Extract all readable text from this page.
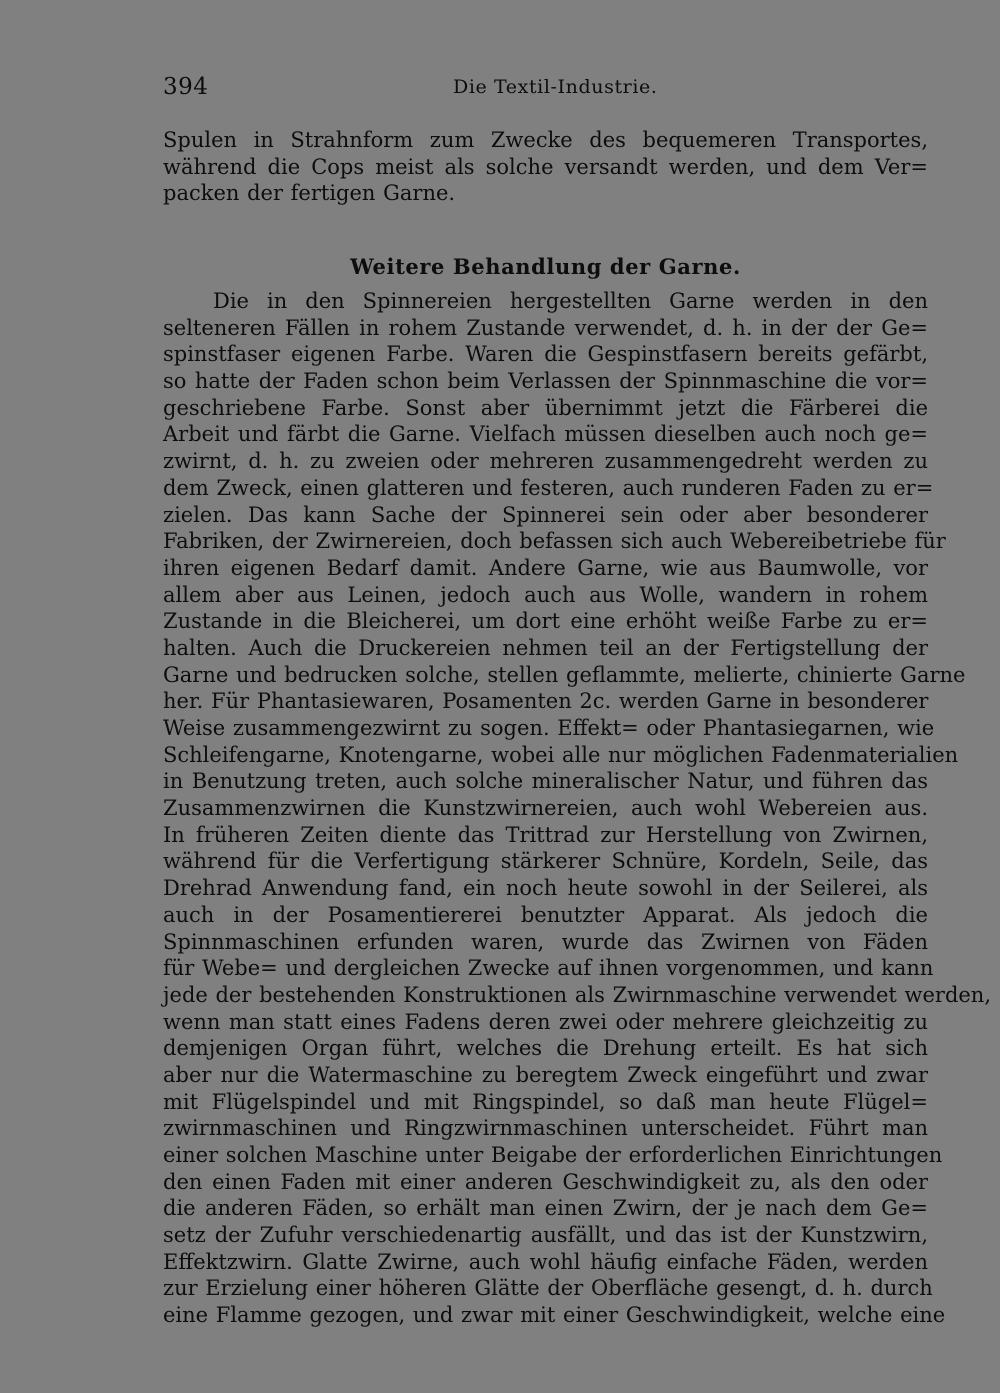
394	Die Textil-Industrie.
Spulen in Strahnform zum Zwecke des bequemeren Transportes,
während die Cops meist als solche versandt werden, und dem Ver=
packen der fertigen Garne.
Weitere Behandlung der Garne.
Die in den Spinnereien hergestellten Garne werden in den
selteneren Fällen in rohem Zustande verwendet, d. h. in der der Ge=
spinstfaser eigenen Farbe. Waren die Gespinstfasern bereits gefärbt,
so hatte der Faden schon beim Verlassen der Spinnmaschine die vor=
geschriebene Farbe. Sonst aber übernimmt jetzt die Färberei die
Arbeit und färbt die Garne. Vielfach müssen dieselben auch noch ge=
zwirnt, d. h. zu zweien oder mehreren zusammengedreht werden zu
dem Zweck, einen glatteren und festeren, auch runderen Faden zu er=
zielen. Das kann Sache der Spinnerei sein oder aber besonderer
Fabriken, der Zwirnereien, doch befassen sich auch Webereibetriebe für
ihren eigenen Bedarf damit. Andere Garne, wie aus Baumwolle, vor
allem aber aus Leinen, jedoch auch aus Wolle, wandern in rohem
Zustande in die Bleicherei, um dort eine erhöht weiße Farbe zu er=
halten. Auch die Druckereien nehmen teil an der Fertigstellung der
Garne und bedrucken solche, stellen geflammte, melierte, chinierte Garne
her. Für Phantasiewaren, Posamenten 2c. werden Garne in besonderer
Weise zusammengezwirnt zu sogen. Effekt= oder Phantasiegarnen, wie
Schleifengarne, Knotengarne, wobei alle nur möglichen Fadenmaterialien
in Benutzung treten, auch solche mineralischer Natur, und führen das
Zusammenzwirnen die Kunstzwirnereien, auch wohl Webereien aus.
In früheren Zeiten diente das Trittrad zur Herstellung von Zwirnen,
während für die Verfertigung stärkerer Schnüre, Kordeln, Seile, das
Drehrad Anwendung fand, ein noch heute sowohl in der Seilerei, als
auch in der Posamentiererei benutzter Apparat. Als jedoch die
Spinnmaschinen erfunden waren, wurde das Zwirnen von Fäden
für Webe= und dergleichen Zwecke auf ihnen vorgenommen, und kann
jede der bestehenden Konstruktionen als Zwirnmaschine verwendet werden,
wenn man statt eines Fadens deren zwei oder mehrere gleichzeitig zu
demjenigen Organ führt, welches die Drehung erteilt. Es hat sich
aber nur die Watermaschine zu beregtem Zweck eingeführt und zwar
mit Flügelspindel und mit Ringspindel, so daß man heute Flügel=
zwirnmaschinen und Ringzwirnmaschinen unterscheidet. Führt man
einer solchen Maschine unter Beigabe der erforderlichen Einrichtungen
den einen Faden mit einer anderen Geschwindigkeit zu, als den oder
die anderen Fäden, so erhält man einen Zwirn, der je nach dem Ge=
setz der Zufuhr verschiedenartig ausfällt, und das ist der Kunstzwirn,
Effektzwirn. Glatte Zwirne, auch wohl häufig einfache Fäden, werden
zur Erzielung einer höheren Glätte der Oberfläche gesengt, d. h. durch
eine Flamme gezogen, und zwar mit einer Geschwindigkeit, welche eine
